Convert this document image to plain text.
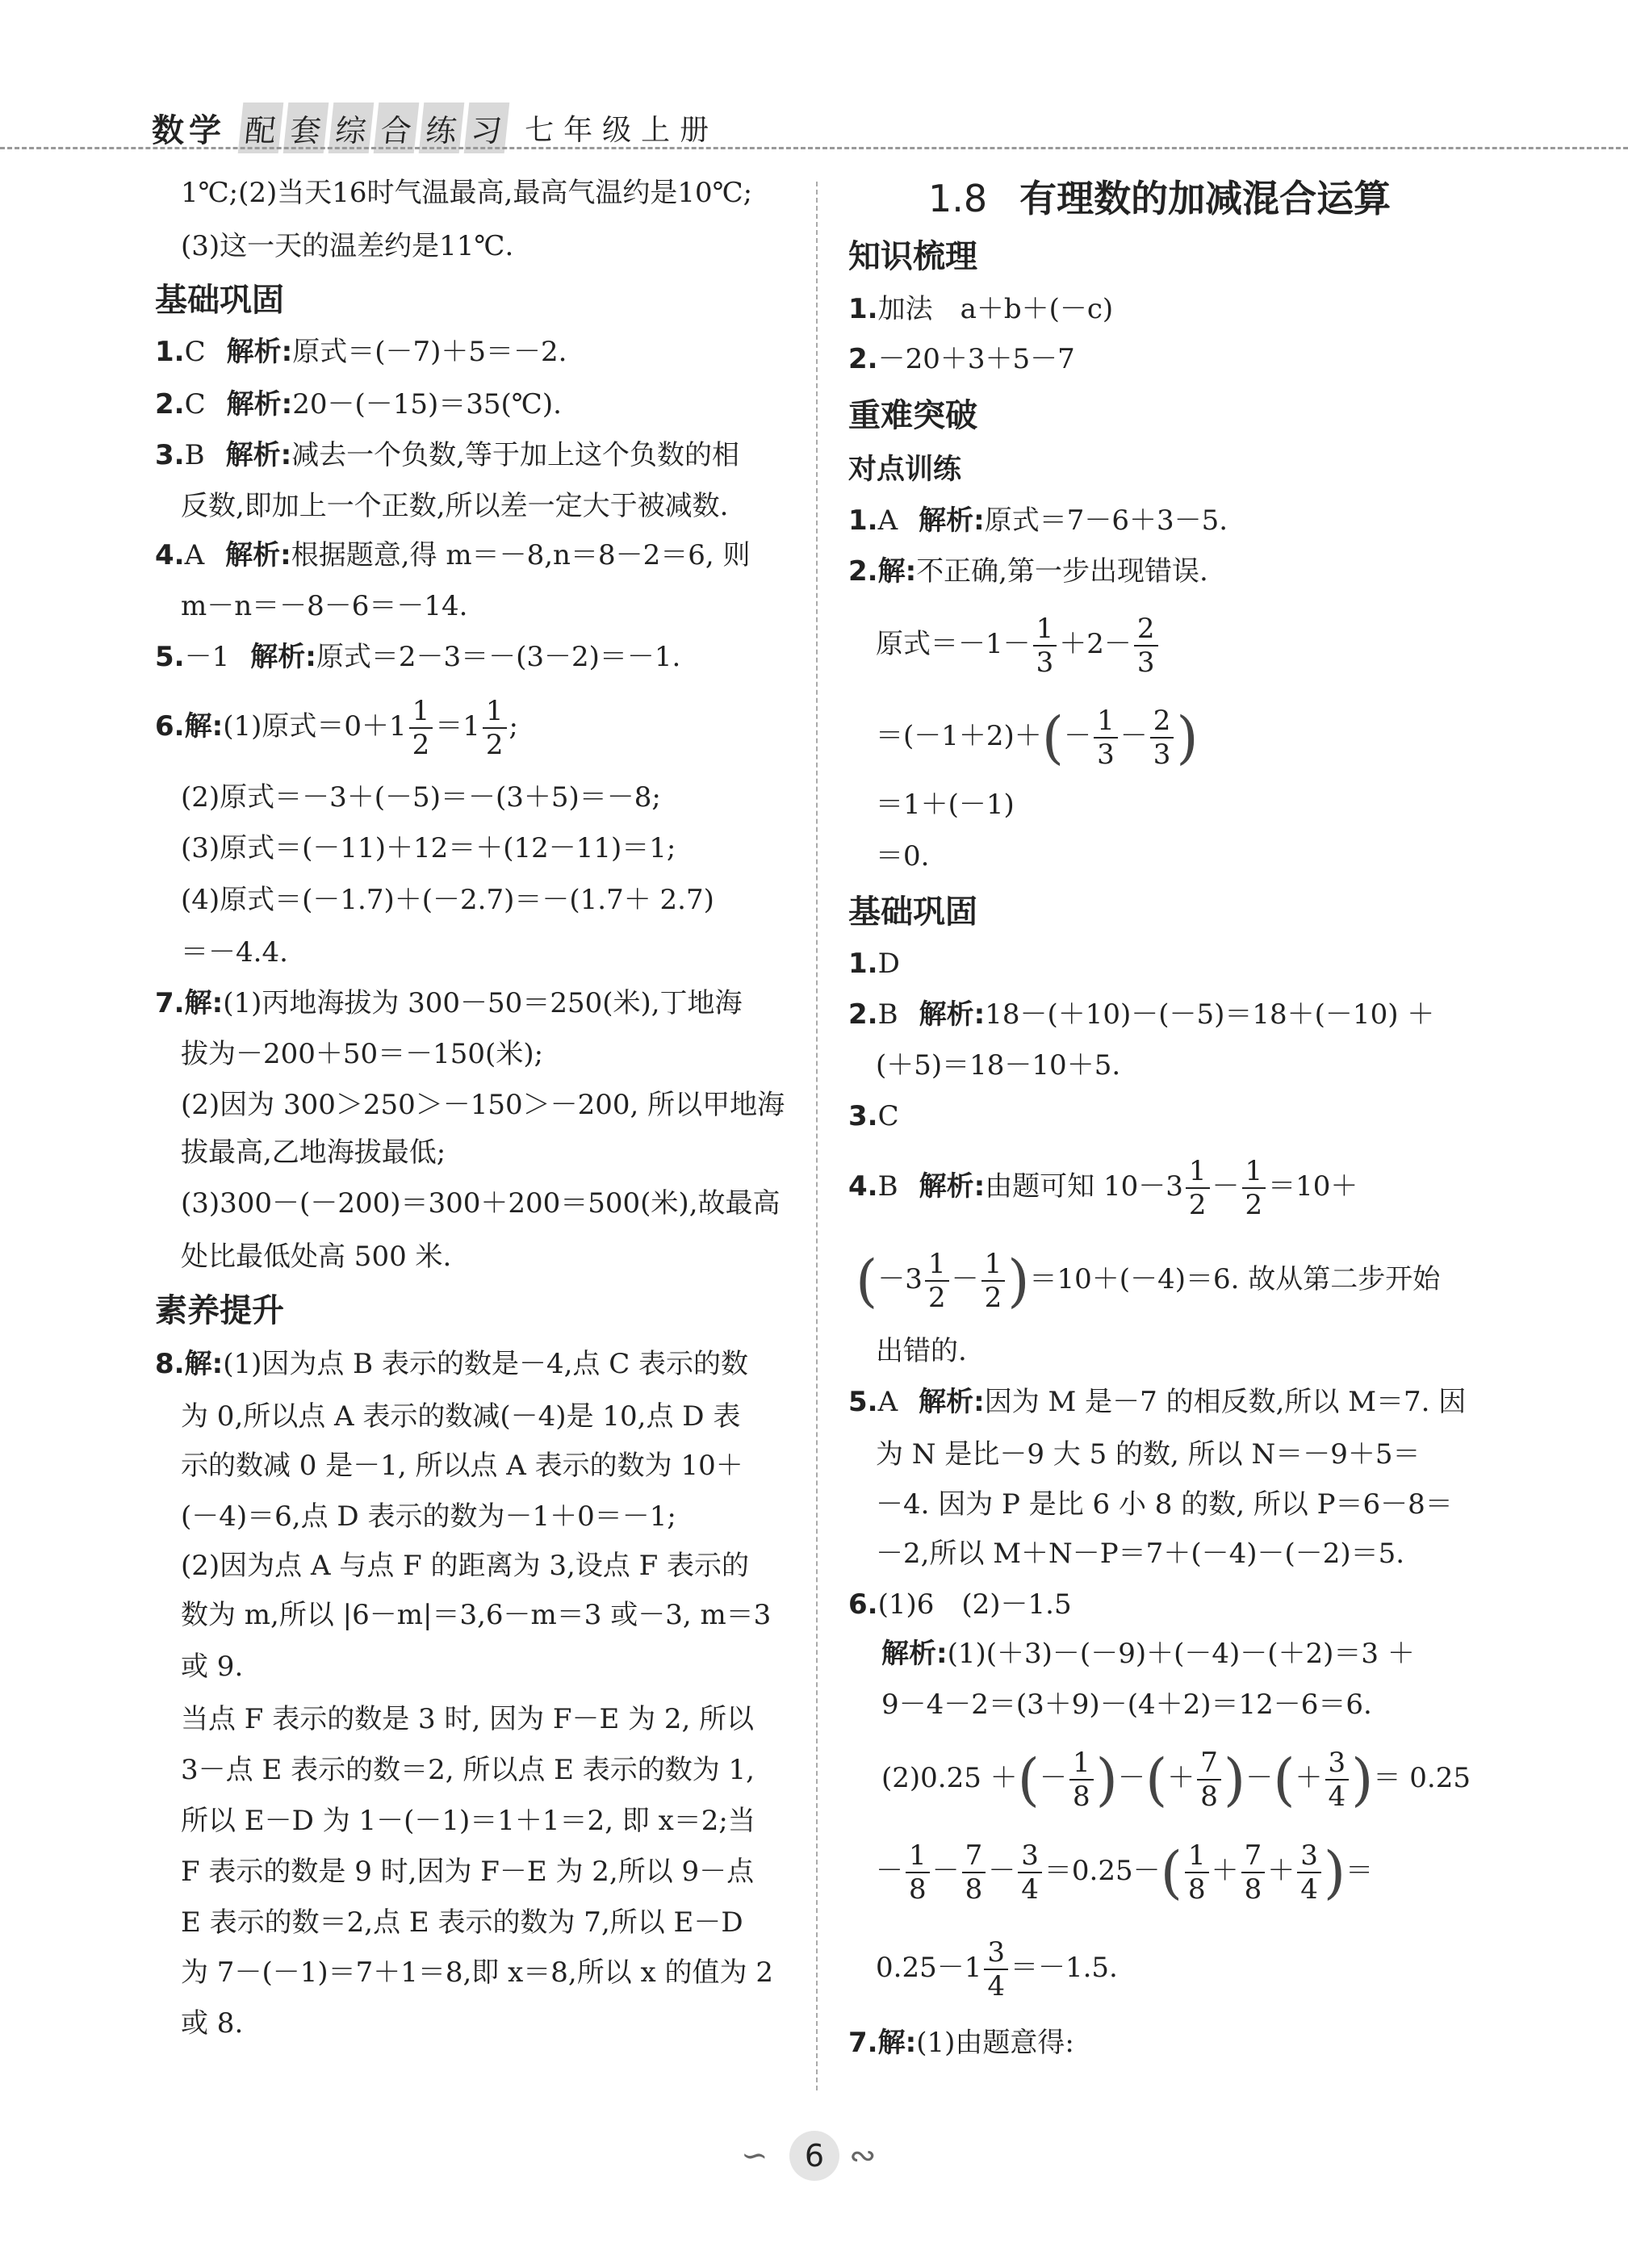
数学 配 套 综 合 练 习 七年级上册
1℃;(2)当天16时气温最高,最高气温约是10℃;
(3)这一天的温差约是11℃.
基础巩固
1.C 解析:原式＝(－7)＋5＝－2.
2.C 解析:20－(－15)＝35(℃).
3.B 解析:减去一个负数,等于加上这个负数的相
反数,即加上一个正数,所以差一定大于被减数.
4.A 解析:根据题意,得 m＝－8,n＝8－2＝6, 则
m－n＝－8－6＝－14.
5.－1 解析:原式＝2－3＝－(3－2)＝－1.
6.解:(1)原式$=0+1 \frac{1}{2} =1 \frac{1}{2}$ ;
(2)原式＝－3＋(－5)＝－(3＋5)＝－8;
(3)原式＝(－11)＋12＝＋(12－11)＝1;
(4)原式＝(－1.7)＋(－2.7)＝－(1.7＋ 2.7)
＝－4.4.
7.解:(1)丙地海拔为 300－50＝250(米),丁地海
拔为－200＋50＝－150(米);
(2)因为 300＞250＞－150＞－200, 所以甲地海
拔最高,乙地海拔最低;
(3)300－(－200)＝300＋200＝500(米),故最高
处比最低处高 500 米.
素养提升
8.解:(1)因为点 B 表示的数是－4,点 C 表示的数
为 0,所以点 A 表示的数减(－4)是 10,点 D 表
示的数减 0 是－1, 所以点 A 表示的数为 10＋
(－4)＝6,点 D 表示的数为－1＋0＝－1;
(2)因为点 A 与点 F 的距离为 3,设点 F 表示的
数为 m,所以 |6－m|＝3,6－m＝3 或－3, m＝3
或 9.
当点 F 表示的数是 3 时, 因为 F－E 为 2, 所以
3－点 E 表示的数＝2, 所以点 E 表示的数为 1,
所以 E－D 为 1－(－1)＝1＋1＝2, 即 x＝2;当
F 表示的数是 9 时,因为 F－E 为 2,所以 9－点
E 表示的数＝2,点 E 表示的数为 7,所以 E－D
为 7－(－1)＝7＋1＝8,即 x＝8,所以 x 的值为 2
或 8.
1.8 有理数的加减混合运算
知识梳理
1.加法　a＋b＋(－c)
2.－20＋3＋5－7
重难突破
对点训练
1.A 解析:原式＝7－6＋3－5.
2.解:不正确,第一步出现错误.
原式$=-1- \frac{1}{3} +2- \frac{2}{3}$
$=(-1+2)+(- \frac{1}{3} - \frac{2}{3}$ )
＝1＋(－1)
＝0.
基础巩固
1.D
2.B 解析:18－(＋10)－(－5)＝18＋(－10) ＋
(＋5)＝18－10＋5.
3.C
4.B 解析:由题可知 $10-3 \frac{1}{2} - \frac{1}{2} =10+$
$(-3 \frac{1}{2} - \frac{1}{2} )=10+(-4)=6$. 故从第二步开始
出错的.
5.A 解析:因为 M 是－7 的相反数,所以 M＝7. 因
为 N 是比－9 大 5 的数, 所以 N＝－9＋5＝
－4. 因为 P 是比 6 小 8 的数, 所以 P＝6－8＝
－2,所以 M＋N－P＝7＋(－4)－(－2)＝5.
6.(1)6　(2)－1.5
解析:(1)(＋3)－(－9)＋(－4)－(＋2)＝3 ＋
9－4－2＝(3＋9)－(4＋2)＝12－6＝6.
(2)0.25 ＋(－ $\frac{1}{8}$ )－(＋ $\frac{7}{8}$ )－(＋ $\frac{3}{4}$ )＝ 0.25
－ $\frac{1}{8} - \frac{7}{8} - \frac{3}{4} =0.25-( \frac{1}{8} + \frac{7}{8} + \frac{3}{4}$ )＝
$0.25-1 \frac{3}{4} =-1.5$.
7.解:(1)由题意得:
∽	6 ∾
